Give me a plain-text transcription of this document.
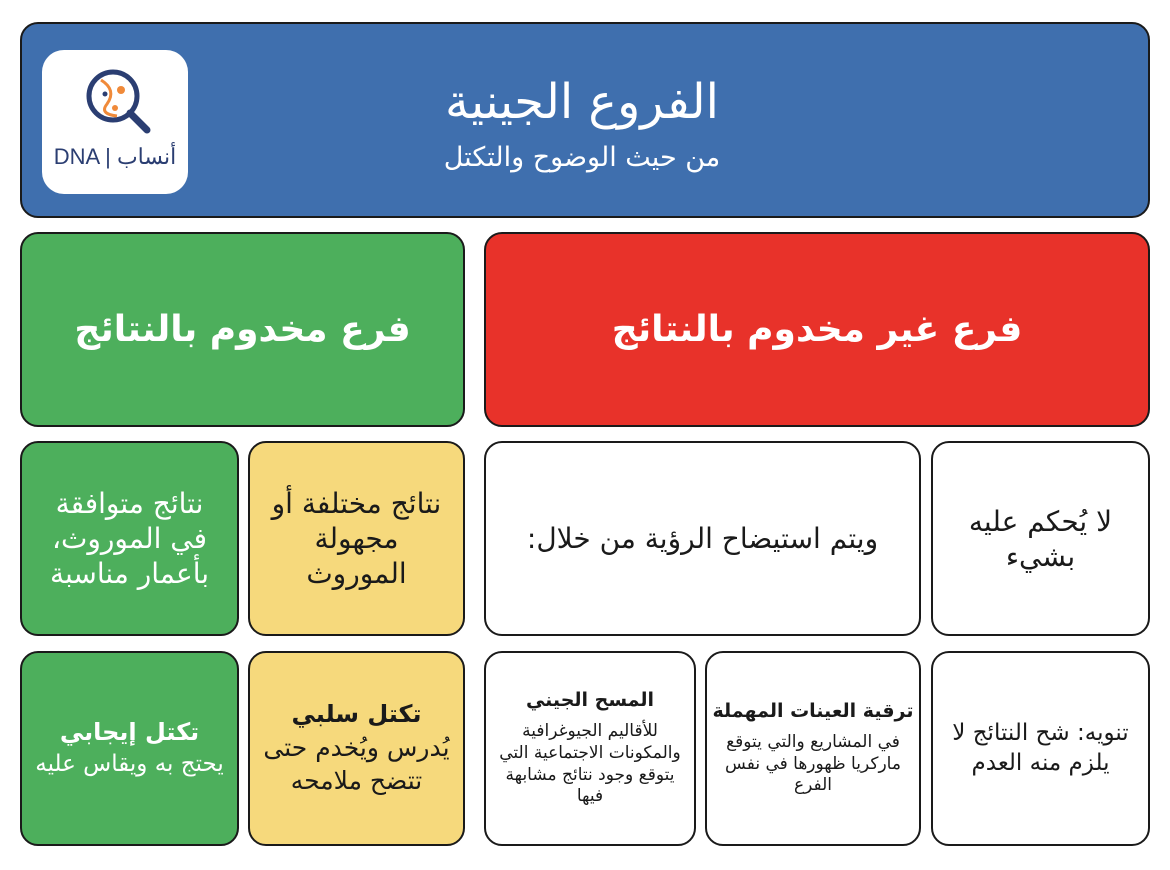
DNA | أنساب
الفروع الجينية
من حيث الوضوح والتكتل
فرع غير مخدوم بالنتائج
فرع مخدوم بالنتائج
لا يُحكم عليه بشيء
ويتم استيضاح الرؤية من خلال:
نتائج مختلفة أو مجهولة الموروث
نتائج متوافقة في الموروث، بأعمار مناسبة
تنويه: شح النتائج لا يلزم منه العدم
ترقية العينات المهملة
في المشاريع والتي يتوقع ماركريا ظهورها في نفس الفرع
المسح الجيني
للأقاليم الجيوغرافية والمكونات الاجتماعية التي يتوقع وجود نتائج مشابهة فيها
تكتل سلبي
يُدرس ويُخدم حتى تتضح ملامحه
تكتل إيجابي
يحتج به ويقاس عليه
